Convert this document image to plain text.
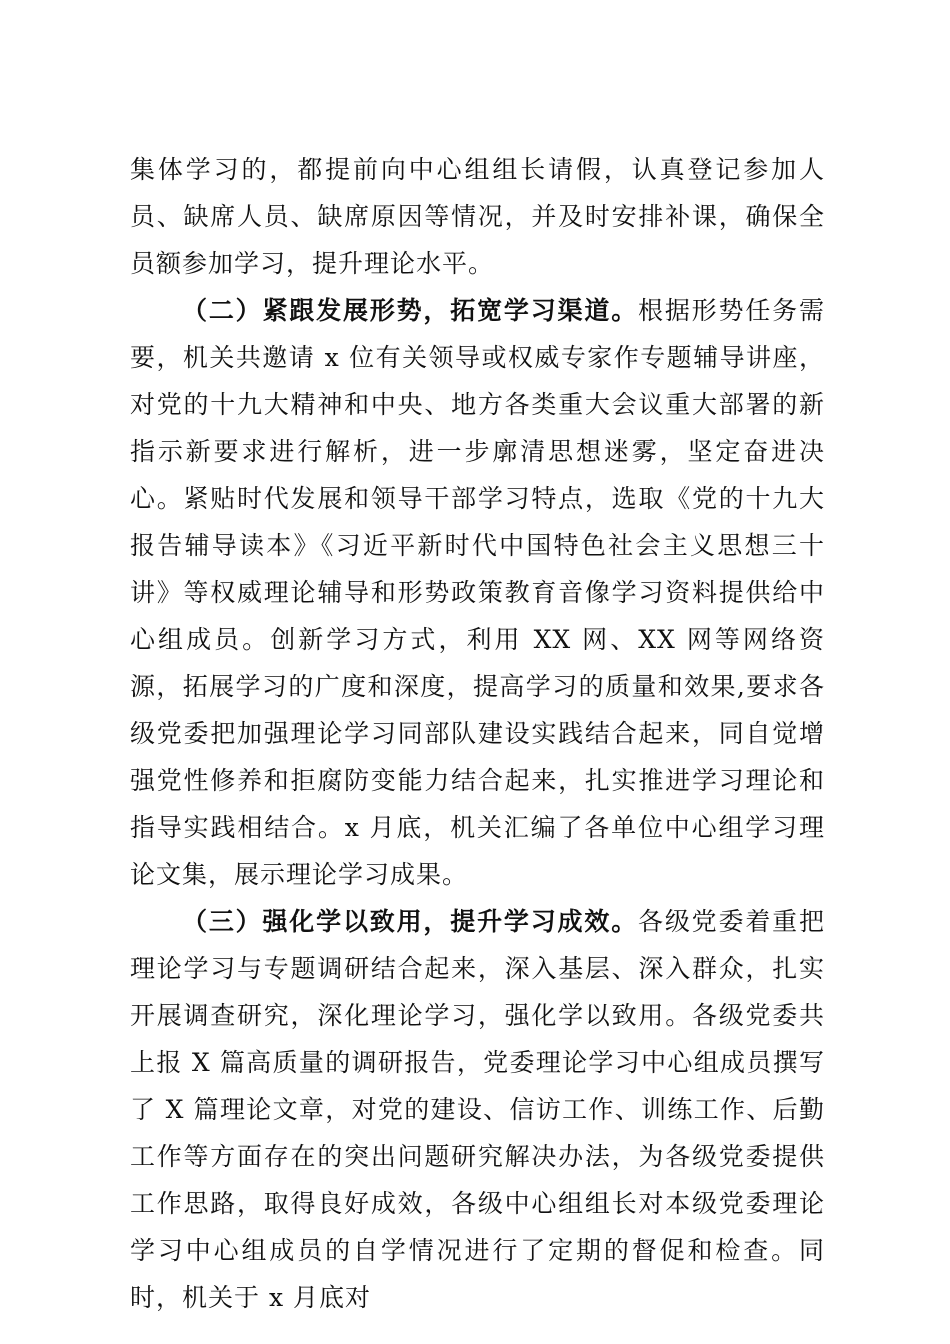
集体学习的，都提前向中心组组长请假，认真登记参加人员、缺席人员、缺席原因等情况，并及时安排补课，确保全员额参加学习，提升理论水平。

（二）紧跟发展形势，拓宽学习渠道。根据形势任务需要，机关共邀请 x 位有关领导或权威专家作专题辅导讲座，对党的十九大精神和中央、地方各类重大会议重大部署的新指示新要求进行解析，进一步廓清思想迷雾，坚定奋进决心。紧贴时代发展和领导干部学习特点，选取《党的十九大报告辅导读本》《习近平新时代中国特色社会主义思想三十讲》等权威理论辅导和形势政策教育音像学习资料提供给中心组成员。创新学习方式，利用 XX 网、XX 网等网络资源，拓展学习的广度和深度，提高学习的质量和效果,要求各级党委把加强理论学习同部队建设实践结合起来，同自觉增强党性修养和拒腐防变能力结合起来，扎实推进学习理论和指导实践相结合。x 月底，机关汇编了各单位中心组学习理论文集，展示理论学习成果。

（三）强化学以致用，提升学习成效。各级党委着重把理论学习与专题调研结合起来，深入基层、深入群众，扎实开展调查研究，深化理论学习，强化学以致用。各级党委共上报 X 篇高质量的调研报告，党委理论学习中心组成员撰写了 X 篇理论文章，对党的建设、信访工作、训练工作、后勤工作等方面存在的突出问题研究解决办法，为各级党委提供工作思路，取得良好成效，各级中心组组长对本级党委理论学习中心组成员的自学情况进行了定期的督促和检查。同时，机关于 x 月底对
